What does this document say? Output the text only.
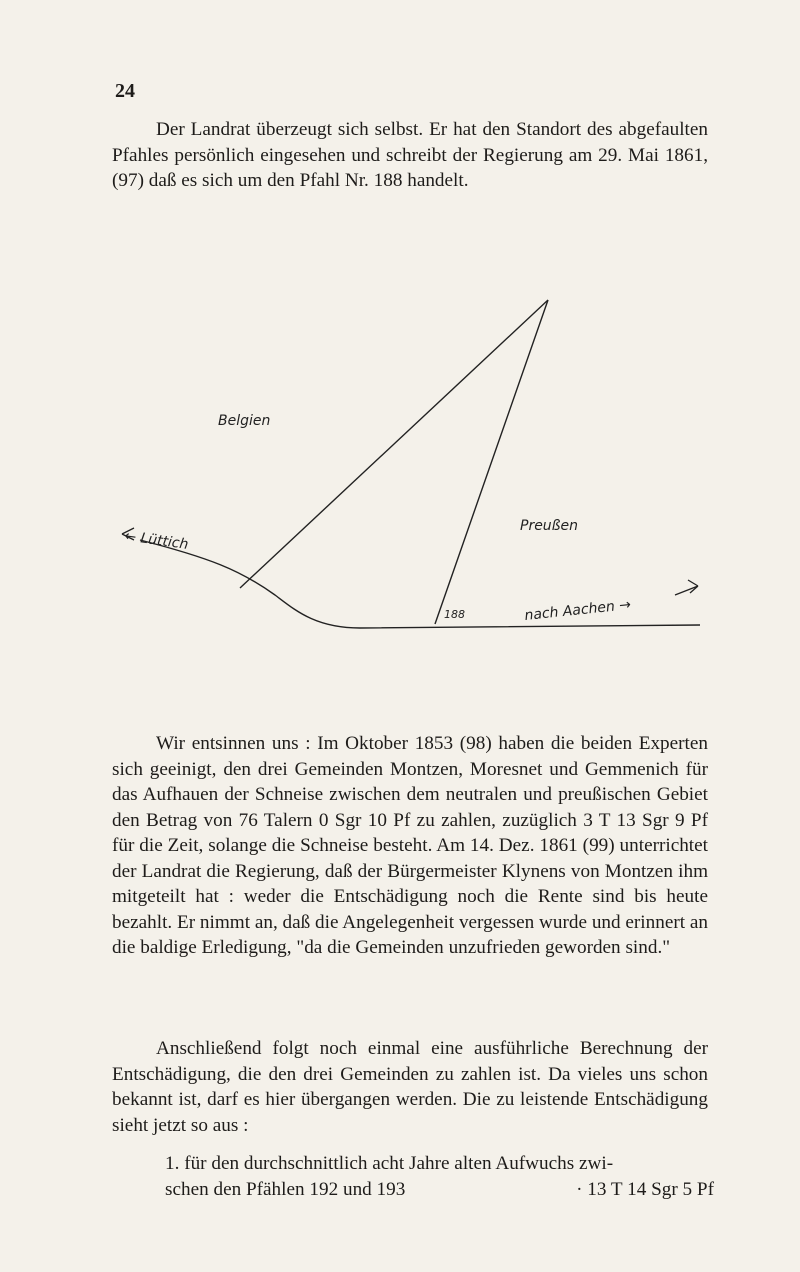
24

Der Landrat überzeugt sich selbst. Er hat den Standort des abgefaulten Pfahles persönlich eingesehen und schreibt der Regierung am 29. Mai 1861, (97) daß es sich um den Pfahl Nr. 188 handelt.

Belgien
Preußen
← Lüttich
nach Aachen →
188

Wir entsinnen uns : Im Oktober 1853 (98) haben die beiden Experten sich geeinigt, den drei Gemeinden Montzen, Moresnet und Gemmenich für das Aufhauen der Schneise zwischen dem neutralen und preußischen Gebiet den Betrag von 76 Talern 0 Sgr 10 Pf zu zahlen, zuzüglich 3 T 13 Sgr 9 Pf für die Zeit, solange die Schneise besteht. Am 14. Dez. 1861 (99) unterrichtet der Landrat die Regierung, daß der Bürgermeister Klynens von Montzen ihm mitgeteilt hat : weder die Entschädigung noch die Rente sind bis heute bezahlt. Er nimmt an, daß die Angelegenheit vergessen wurde und erinnert an die baldige Erledigung, "da die Gemeinden unzufrieden geworden sind."

Anschließend folgt noch einmal eine ausführliche Berechnung der Entschädigung, die den drei Gemeinden zu zahlen ist. Da vieles uns schon bekannt ist, darf es hier übergangen werden. Die zu leistende Entschädigung sieht jetzt so aus :

1. für den durchschnittlich acht Jahre alten Aufwuchs zwi-
schen den Pfählen 192 und 193	· 13 T 14 Sgr 5 Pf
